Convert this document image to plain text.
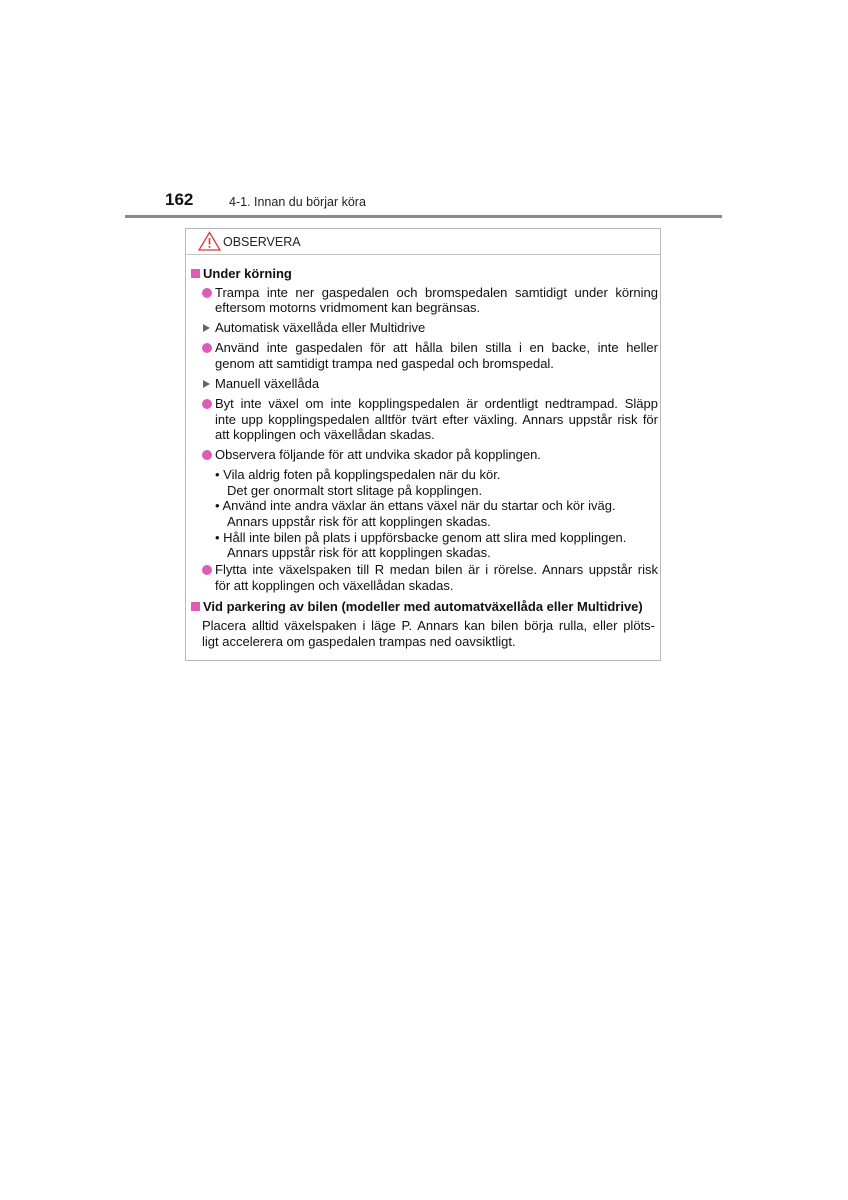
162	4-1. Innan du börjar köra
OBSERVERA
Under körning
Trampa inte ner gaspedalen och bromspedalen samtidigt under körning
eftersom motorns vridmoment kan begränsas.
Automatisk växellåda eller Multidrive
Använd inte gaspedalen för att hålla bilen stilla i en backe, inte heller
genom att samtidigt trampa ned gaspedal och bromspedal.
Manuell växellåda
Byt inte växel om inte kopplingspedalen är ordentligt nedtrampad. Släpp
inte upp kopplingspedalen alltför tvärt efter växling. Annars uppstår risk för
att kopplingen och växellådan skadas.
Observera följande för att undvika skador på kopplingen.
• Vila aldrig foten på kopplingspedalen när du kör.
Det ger onormalt stort slitage på kopplingen.
• Använd inte andra växlar än ettans växel när du startar och kör iväg.
Annars uppstår risk för att kopplingen skadas.
• Håll inte bilen på plats i uppförsbacke genom att slira med kopplingen.
Annars uppstår risk för att kopplingen skadas.
Flytta inte växelspaken till R medan bilen är i rörelse. Annars uppstår risk
för att kopplingen och växellådan skadas.
Vid parkering av bilen (modeller med automatväxellåda eller Multidrive)
Placera alltid växelspaken i läge P. Annars kan bilen börja rulla, eller plöts-
ligt accelerera om gaspedalen trampas ned oavsiktligt.
